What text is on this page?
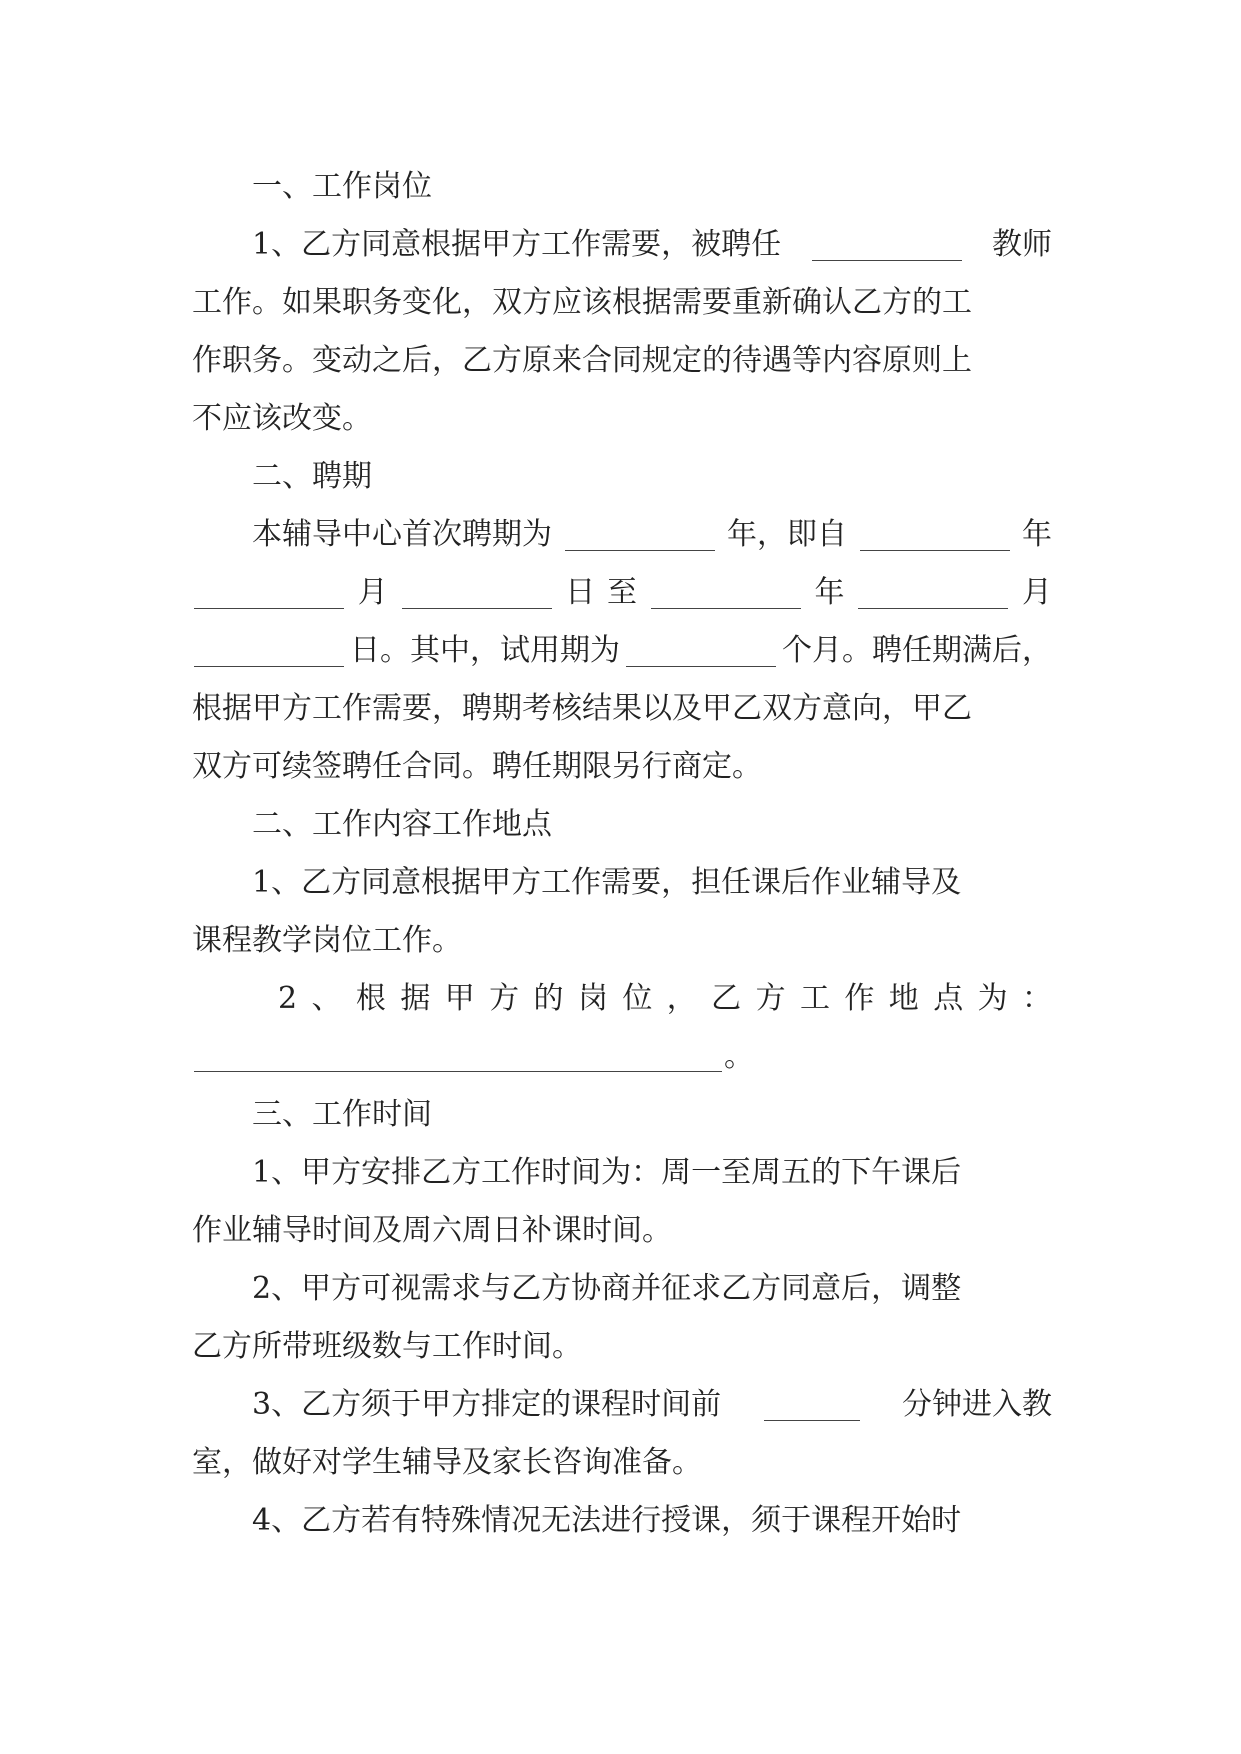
一、工作岗位
1、乙方同意根据甲方工作需要，被聘任	教师
工作。如果职务变化，双方应该根据需要重新确认乙方的工
作职务。变动之后，乙方原来合同规定的待遇等内容原则上
不应该改变。
二、聘期
本辅导中心首次聘期为	年，即自	年
月	日 至	年	月
日。其中，试用期为	个月。聘任期满后，
根据甲方工作需要，聘期考核结果以及甲乙双方意向，甲乙
双方可续签聘任合同。聘任期限另行商定。
二、工作内容工作地点
1、乙方同意根据甲方工作需要，担任课后作业辅导及
课程教学岗位工作。
2 、 根 据 甲 方 的 岗 位 ， 乙 方 工 作 地 点 为 ：
。
三、工作时间
1、甲方安排乙方工作时间为：周一至周五的下午课后
作业辅导时间及周六周日补课时间。
2、甲方可视需求与乙方协商并征求乙方同意后，调整
乙方所带班级数与工作时间。
3、乙方须于甲方排定的课程时间前	分钟进入教
室，做好对学生辅导及家长咨询准备。
4、乙方若有特殊情况无法进行授课，须于课程开始时
